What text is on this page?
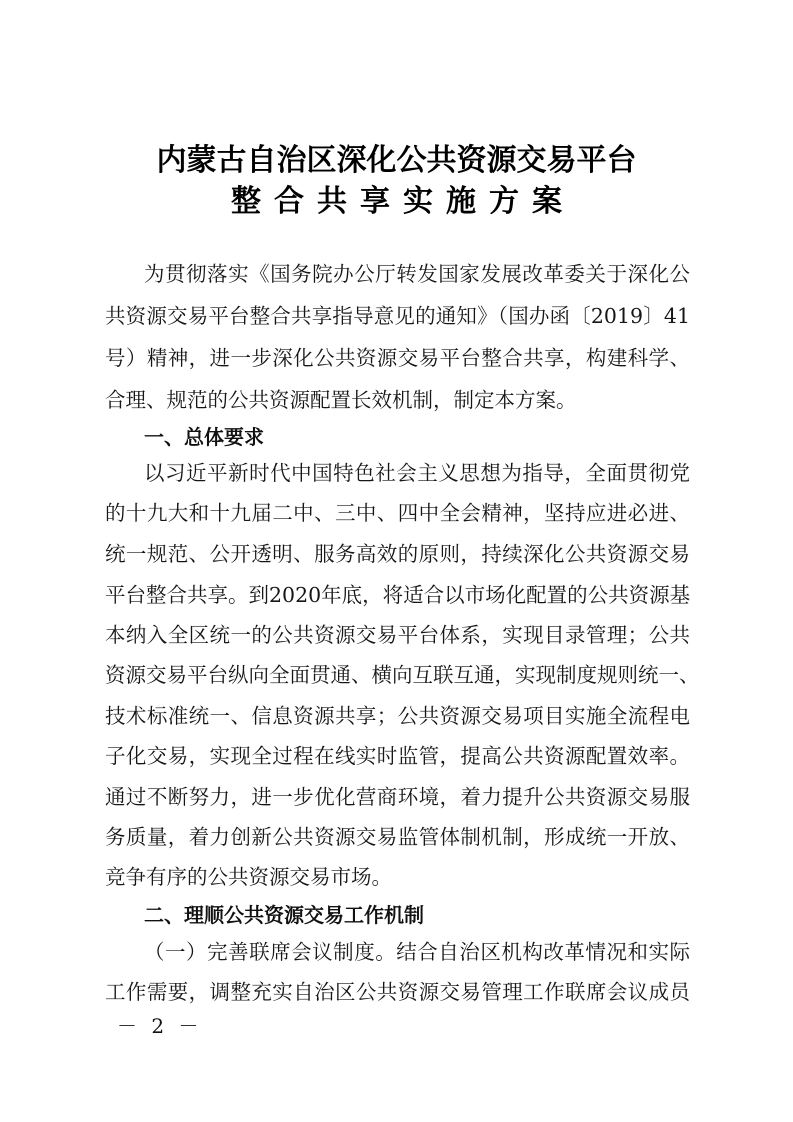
内蒙古自治区深化公共资源交易平台
整合共享实施方案
为贯彻落实《国务院办公厅转发国家发展改革委关于深化公
共资源交易平台整合共享指导意见的通知》（国办函〔2019〕41
号）精神，进一步深化公共资源交易平台整合共享，构建科学、
合理、规范的公共资源配置长效机制，制定本方案。
一、总体要求
以习近平新时代中国特色社会主义思想为指导，全面贯彻党
的十九大和十九届二中、三中、四中全会精神，坚持应进必进、
统一规范、公开透明、服务高效的原则，持续深化公共资源交易
平台整合共享。到2020年底，将适合以市场化配置的公共资源基
本纳入全区统一的公共资源交易平台体系，实现目录管理；公共
资源交易平台纵向全面贯通、横向互联互通，实现制度规则统一、
技术标准统一、信息资源共享；公共资源交易项目实施全流程电
子化交易，实现全过程在线实时监管，提高公共资源配置效率。
通过不断努力，进一步优化营商环境，着力提升公共资源交易服
务质量，着力创新公共资源交易监管体制机制，形成统一开放、
竞争有序的公共资源交易市场。
二、理顺公共资源交易工作机制
（一）完善联席会议制度。结合自治区机构改革情况和实际
工作需要，调整充实自治区公共资源交易管理工作联席会议成员
－ 2 －
